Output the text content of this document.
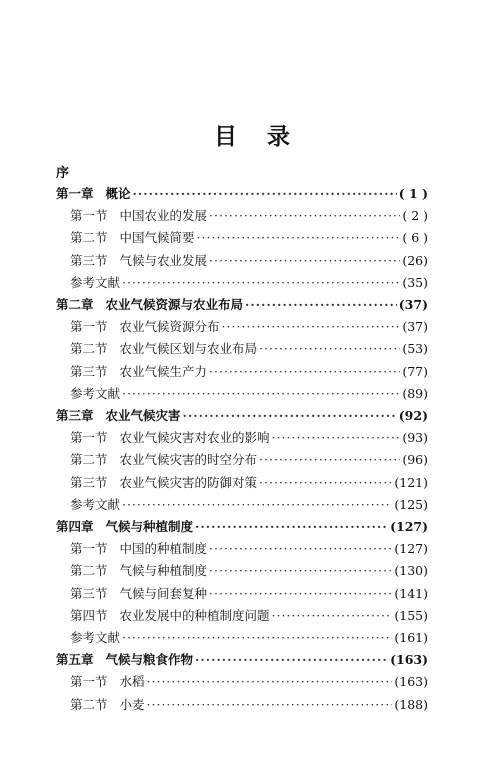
目录
序
第一章 概论 ·····	( 1 )
第一节 中国农业的发展 ·····	( 2 )
第二节 中国气候简要 ·····	( 6 )
第三节 气候与农业发展 ·····	(26)
参考文献 ·····	(35)
第二章 农业气候资源与农业布局 ·····	(37)
第一节 农业气候资源分布 ·····	(37)
第二节 农业气候区划与农业布局 ·····	(53)
第三节 农业气候生产力 ·····	(77)
参考文献 ·····	(89)
第三章 农业气候灾害 ·····	(92)
第一节 农业气候灾害对农业的影响 ·····	(93)
第二节 农业气候灾害的时空分布 ·····	(96)
第三节 农业气候灾害的防御对策 ·····	(121)
参考文献 ·····	(125)
第四章 气候与种植制度 ·····	(127)
第一节 中国的种植制度 ·····	(127)
第二节 气候与种植制度 ·····	(130)
第三节 气候与间套复种 ·····	(141)
第四节 农业发展中的种植制度问题 ·····	(155)
参考文献 ·····	(161)
第五章 气候与粮食作物 ·····	(163)
第一节 水稻 ·····	(163)
第二节 小麦 ·····	(188)
